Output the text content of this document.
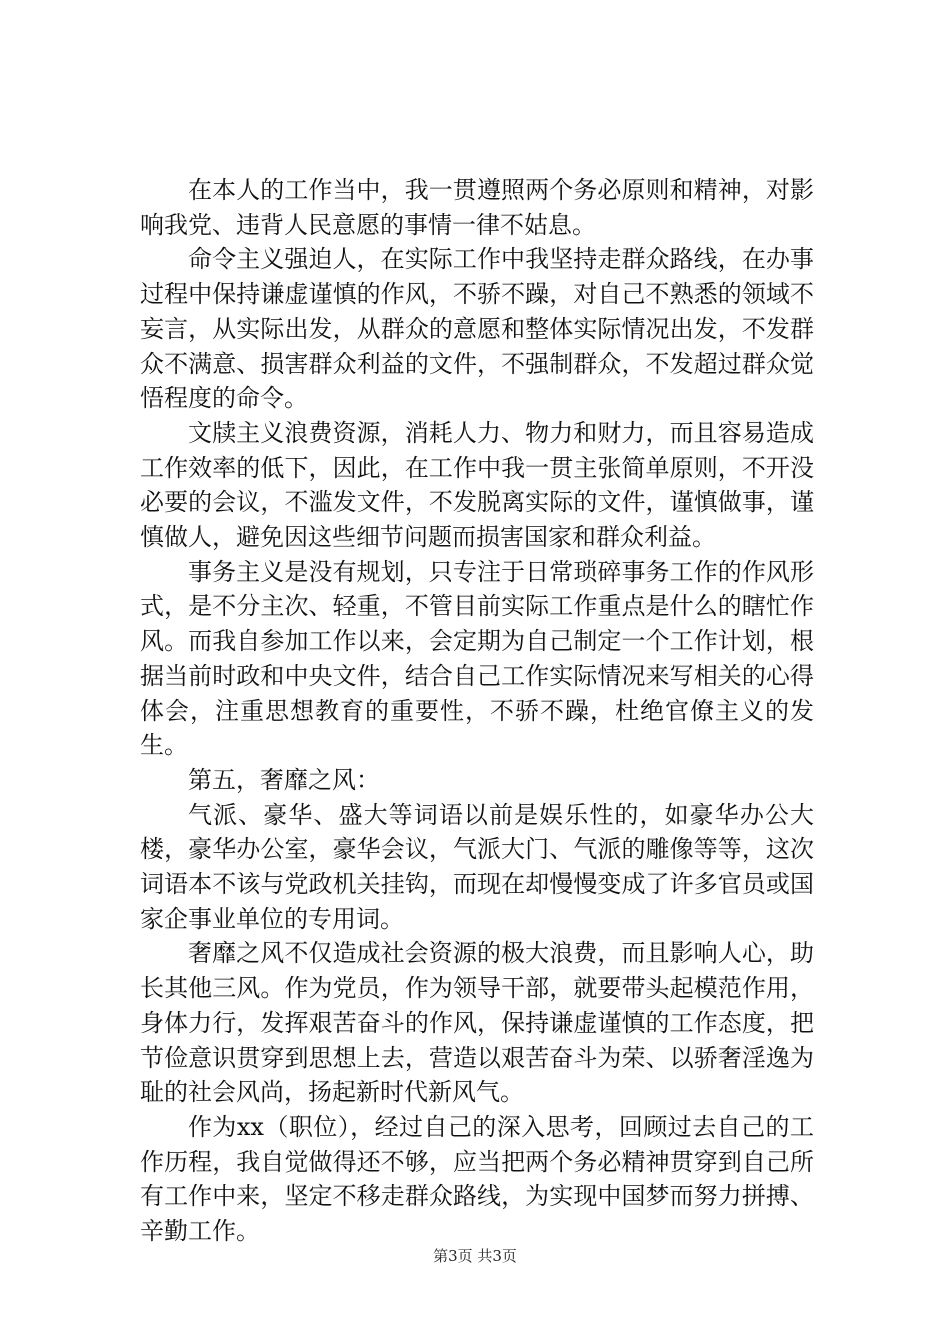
在本人的工作当中，我一贯遵照两个务必原则和精神，对影响我党、违背人民意愿的事情一律不姑息。

命令主义强迫人，在实际工作中我坚持走群众路线，在办事过程中保持谦虚谨慎的作风，不骄不躁，对自己不熟悉的领域不妄言，从实际出发，从群众的意愿和整体实际情况出发，不发群众不满意、损害群众利益的文件，不强制群众，不发超过群众觉悟程度的命令。

文牍主义浪费资源，消耗人力、物力和财力，而且容易造成工作效率的低下，因此，在工作中我一贯主张简单原则，不开没必要的会议，不滥发文件，不发脱离实际的文件，谨慎做事，谨慎做人，避免因这些细节问题而损害国家和群众利益。

事务主义是没有规划，只专注于日常琐碎事务工作的作风形式，是不分主次、轻重，不管目前实际工作重点是什么的瞎忙作风。而我自参加工作以来，会定期为自己制定一个工作计划，根据当前时政和中央文件，结合自己工作实际情况来写相关的心得体会，注重思想教育的重要性，不骄不躁，杜绝官僚主义的发生。

第五，奢靡之风：

气派、豪华、盛大等词语以前是娱乐性的，如豪华办公大楼，豪华办公室，豪华会议，气派大门、气派的雕像等等，这次词语本不该与党政机关挂钩，而现在却慢慢变成了许多官员或国家企事业单位的专用词。

奢靡之风不仅造成社会资源的极大浪费，而且影响人心，助长其他三风。作为党员，作为领导干部，就要带头起模范作用，身体力行，发挥艰苦奋斗的作风，保持谦虚谨慎的工作态度，把节俭意识贯穿到思想上去，营造以艰苦奋斗为荣、以骄奢淫逸为耻的社会风尚，扬起新时代新风气。

作为xx（职位），经过自己的深入思考，回顾过去自己的工作历程，我自觉做得还不够，应当把两个务必精神贯穿到自己所有工作中来，坚定不移走群众路线，为实现中国梦而努力拼搏、辛勤工作。

第3页 共3页
